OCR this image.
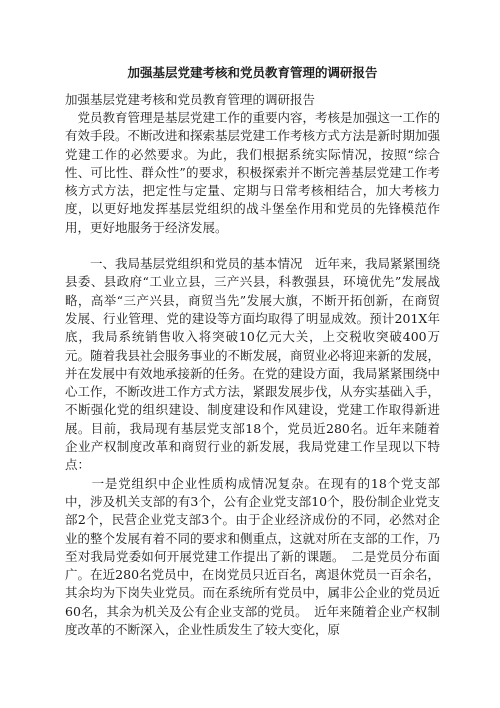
加强基层党建考核和党员教育管理的调研报告
加强基层党建考核和党员教育管理的调研报告

　党员教育管理是基层党建工作的重要内容，考核是加强这一工作的有效手段。不断改进和探索基层党建工作考核方式方法是新时期加强党建工作的必然要求。为此，我们根据系统实际情况，按照“综合性、可比性、群众性”的要求，积极探索并不断完善基层党建工作考核方式方法，把定性与定量、定期与日常考核相结合，加大考核力度，以更好地发挥基层党组织的战斗堡垒作用和党员的先锋模范作用，更好地服务于经济发展。

　　一、我局基层党组织和党员的基本情况　近年来，我局紧紧围绕县委、县政府“工业立县，三产兴县，科教强县，环境优先”发展战略，高举“三产兴县，商贸当先”发展大旗，不断开拓创新，在商贸发展、行业管理、党的建设等方面均取得了明显成效。预计201X年底，我局系统销售收入将突破10亿元大关，上交税收突破400万元。随着我县社会服务事业的不断发展，商贸业必将迎来新的发展，并在发展中有效地承接新的任务。在党的建设方面，我局紧紧围绕中心工作，不断改进工作方式方法，紧跟发展步伐，从夯实基础入手，不断强化党的组织建设、制度建设和作风建设，党建工作取得新进展。目前，我局现有基层党支部18个，党员近280名。近年来随着企业产权制度改革和商贸行业的新发展，我局党建工作呈现以下特点：

　　一是党组织中企业性质构成情况复杂。在现有的18个党支部中，涉及机关支部的有3个，公有企业党支部10个，股份制企业党支部2个，民营企业党支部3个。由于企业经济成份的不同，必然对企业的整个发展有着不同的要求和侧重点，这就对所在支部的工作，乃至对我局党委如何开展党建工作提出了新的课题。　二是党员分布面广。在近280名党员中，在岗党员只近百名，离退休党员一百余名，其余均为下岗失业党员。而在系统所有党员中，属非公企业的党员近60名，其余为机关及公有企业支部的党员。　近年来随着企业产权制度改革的不断深入，企业性质发生了较大变化，原
